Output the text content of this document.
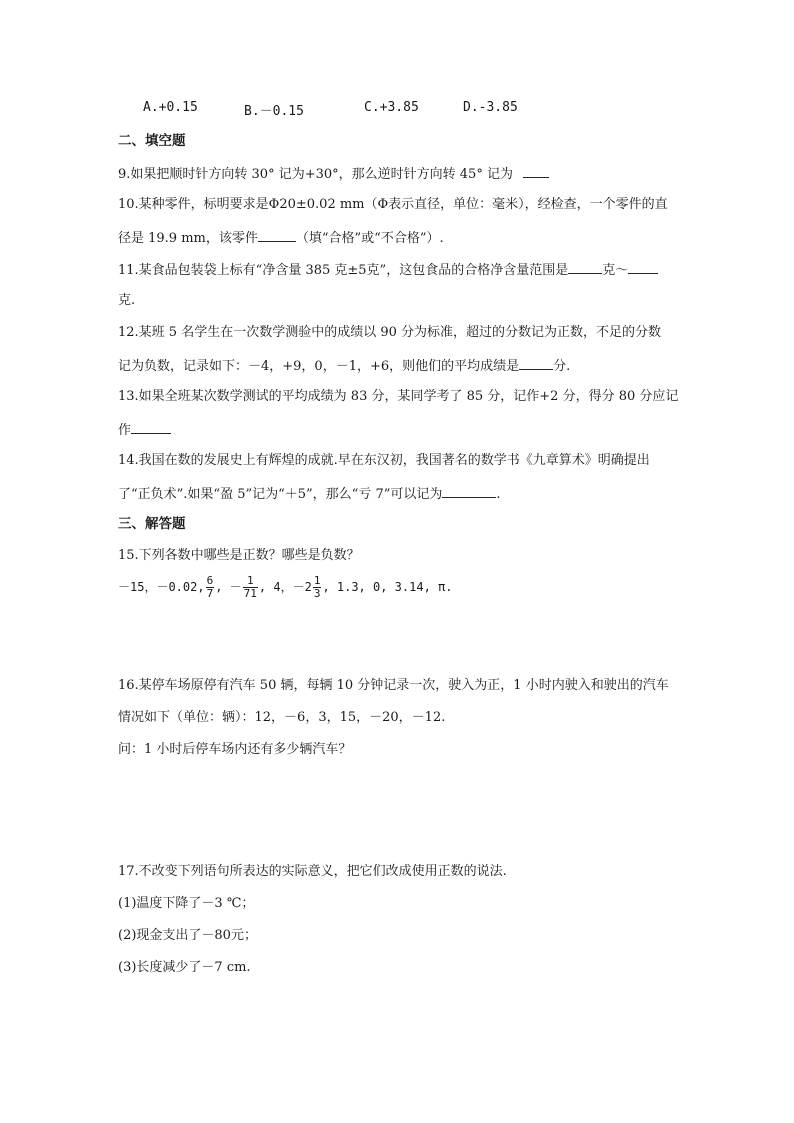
A.+0.15	B.－0.15	C.+3.85	D.-3.85
二、填空题
9.如果把顺时针方向转 30° 记为+30°，那么逆时针方向转 45° 记为
10.某种零件，标明要求是Φ20±0.02 mm（Φ表示直径，单位：毫米），经检查，一个零件的直
径是 19.9 mm，该零件	（填“合格”或“不合格”）.
11.某食品包装袋上标有“净含量 385 克±5克”，这包食品的合格净含量范围是	克～
克.
12.某班 5 名学生在一次数学测验中的成绩以 90 分为标准，超过的分数记为正数，不足的分数
记为负数，记录如下：－4，+9，0，－1，+6，则他们的平均成绩是	分.
13.如果全班某次数学测试的平均成绩为 83 分，某同学考了 85 分，记作+2 分，得分 80 分应记
作
14.我国在数的发展史上有辉煌的成就.早在东汉初，我国著名的数学书《九章算术》明确提出
了“正负术”.如果“盈 5”记为“＋5”，那么“亏 7”可以记为	.
三、解答题
15.下列各数中哪些是正数？哪些是负数？
－15，－0.02, $\frac{6}{7}$ , － $\frac{1}{71}$ , 4，$-2 \frac{1}{3}$ , 1.3, 0, 3.14, π.
16.某停车场原停有汽车 50 辆，每辆 10 分钟记录一次，驶入为正，1 小时内驶入和驶出的汽车
情况如下（单位：辆）：12，－6，3，15，－20，－12.
问：1 小时后停车场内还有多少辆汽车？
17.不改变下列语句所表达的实际意义，把它们改成使用正数的说法.
(1)温度下降了－3 ℃；
(2)现金支出了－80元；
(3)长度减少了－7 cm.
